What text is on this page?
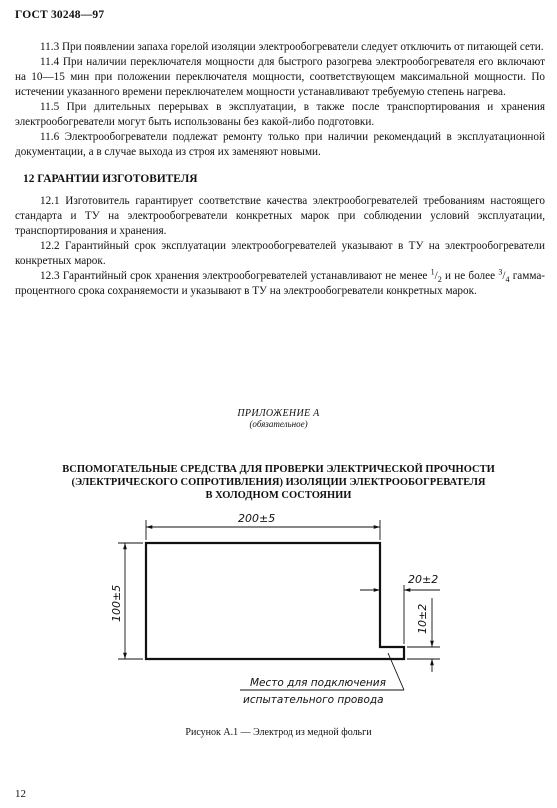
ГОСТ 30248—97

11.3 При появлении запаха горелой изоляции электрообогреватели следует отключить от питающей сети.

11.4 При наличии переключателя мощности для быстрого разогрева электрообогревателя его включают на 10—15 мин при положении переключателя мощности, соответствующем максимальной мощности. По истечении указанного времени переключателем мощности устанавливают требуемую степень нагрева.

11.5 При длительных перерывах в эксплуатации, в также после транспортирования и хранения электрообогреватели могут быть использованы без какой-либо подготовки.

11.6 Электрообогреватели подлежат ремонту только при наличии рекомендаций в эксплуатационной документации, а в случае выхода из строя их заменяют новыми.

12 ГАРАНТИИ ИЗГОТОВИТЕЛЯ

12.1 Изготовитель гарантирует соответствие качества электрообогревателей требованиям настоящего стандарта и ТУ на электрообогреватели конкретных марок при соблюдении условий эксплуатации, транспортирования и хранения.

12.2 Гарантийный срок эксплуатации электрообогревателей указывают в ТУ на электрообогреватели конкретных марок.

12.3 Гарантийный срок хранения электрообогревателей устанавливают не менее $^1/_2$ и не более $^3/_4$ гамма-процентного срока сохраняемости и указывают в ТУ на электрообогреватели конкретных марок.

ПРИЛОЖЕНИЕ А
(обязательное)
ВСПОМОГАТЕЛЬНЫЕ СРЕДСТВА ДЛЯ ПРОВЕРКИ ЭЛЕКТРИЧЕСКОЙ ПРОЧНОСТИ
(ЭЛЕКТРИЧЕСКОГО СОПРОТИВЛЕНИЯ) ИЗОЛЯЦИИ ЭЛЕКТРООБОГРЕВАТЕЛЯ
В ХОЛОДНОМ СОСТОЯНИИ
200±5
100±5
20±2
10±2
Место для подключения
испытательного провода
Рисунок А.1 — Электрод из медной фольги
12
